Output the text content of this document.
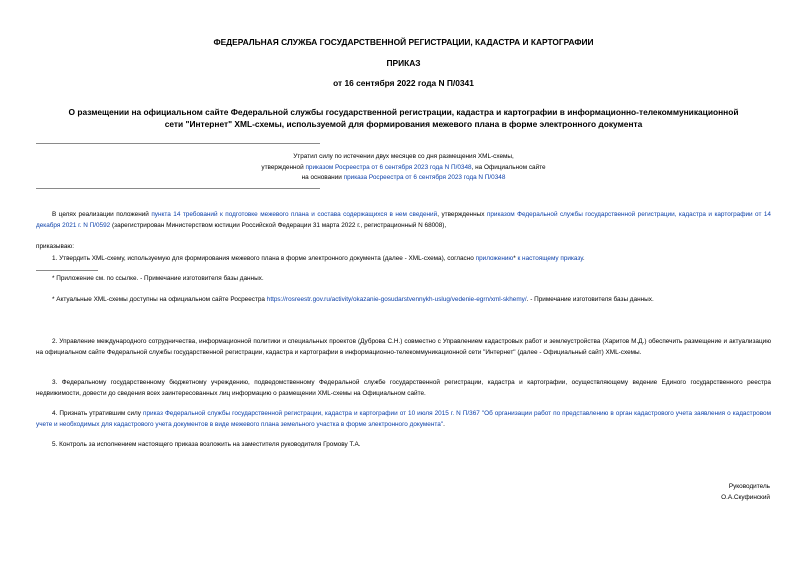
ФЕДЕРАЛЬНАЯ СЛУЖБА ГОСУДАРСТВЕННОЙ РЕГИСТРАЦИИ, КАДАСТРА И КАРТОГРАФИИ
ПРИКАЗ
от 16 сентября 2022 года N П/0341
О размещении на официальном сайте Федеральной службы государственной регистрации, кадастра и картографии в информационно-телекоммуникационной
сети "Интернет" XML-схемы, используемой для формирования межевого плана в форме электронного документа
Утратил силу по истечении двух месяцев со дня размещения XML-схемы,
утвержденной приказом Росреестра от 6 сентября 2023 года N П/0348, на Официальном сайте
на основании приказа Росреестра от 6 сентября 2023 года N П/0348
В целях реализации положений пункта 14 требований к подготовке межевого плана и состава содержащихся в нем сведений, утвержденных приказом Федеральной службы государственной регистрации, кадастра и картографии от 14 декабря 2021 г. N П/0592 (зарегистрирован Министерством юстиции Российской Федерации 31 марта 2022 г., регистрационный N 68008),
приказываю:
1. Утвердить XML-схему, используемую для формирования межевого плана в форме электронного документа (далее - XML-схема), согласно приложению* к настоящему приказу.
* Приложение см. по ссылке. - Примечание изготовителя базы данных.
* Актуальные XML-схемы доступны на официальном сайте Росреестра https://rosreestr.gov.ru/activity/okazanie-gosudarstvennykh-uslug/vedenie-egrn/xml-skhemy/. - Примечание изготовителя базы данных.
2. Управление международного сотрудничества, информационной политики и специальных проектов (Дуброва С.Н.) совместно с Управлением кадастровых работ и землеустройства (Харитов М.Д.) обеспечить размещение и актуализацию на официальном сайте Федеральной службы государственной регистрации, кадастра и картографии в информационно-телекоммуникационной сети "Интернет" (далее - Официальный сайт) XML-схемы.
3. Федеральному государственному бюджетному учреждению, подведомственному Федеральной службе государственной регистрации, кадастра и картографии, осуществляющему ведение Единого государственного реестра недвижимости, довести до сведения всех заинтересованных лиц информацию о размещении XML-схемы на Официальном сайте.
4. Признать утратившим силу приказ Федеральной службы государственной регистрации, кадастра и картографии от 10 июля 2015 г. N П/367 "Об организации работ по представлению в орган кадастрового учета заявления о кадастровом учете и необходимых для кадастрового учета документов в виде межевого плана земельного участка в форме электронного документа".
5. Контроль за исполнением настоящего приказа возложить на заместителя руководителя Громову Т.А.
Руководитель
О.А.Скуфинский
